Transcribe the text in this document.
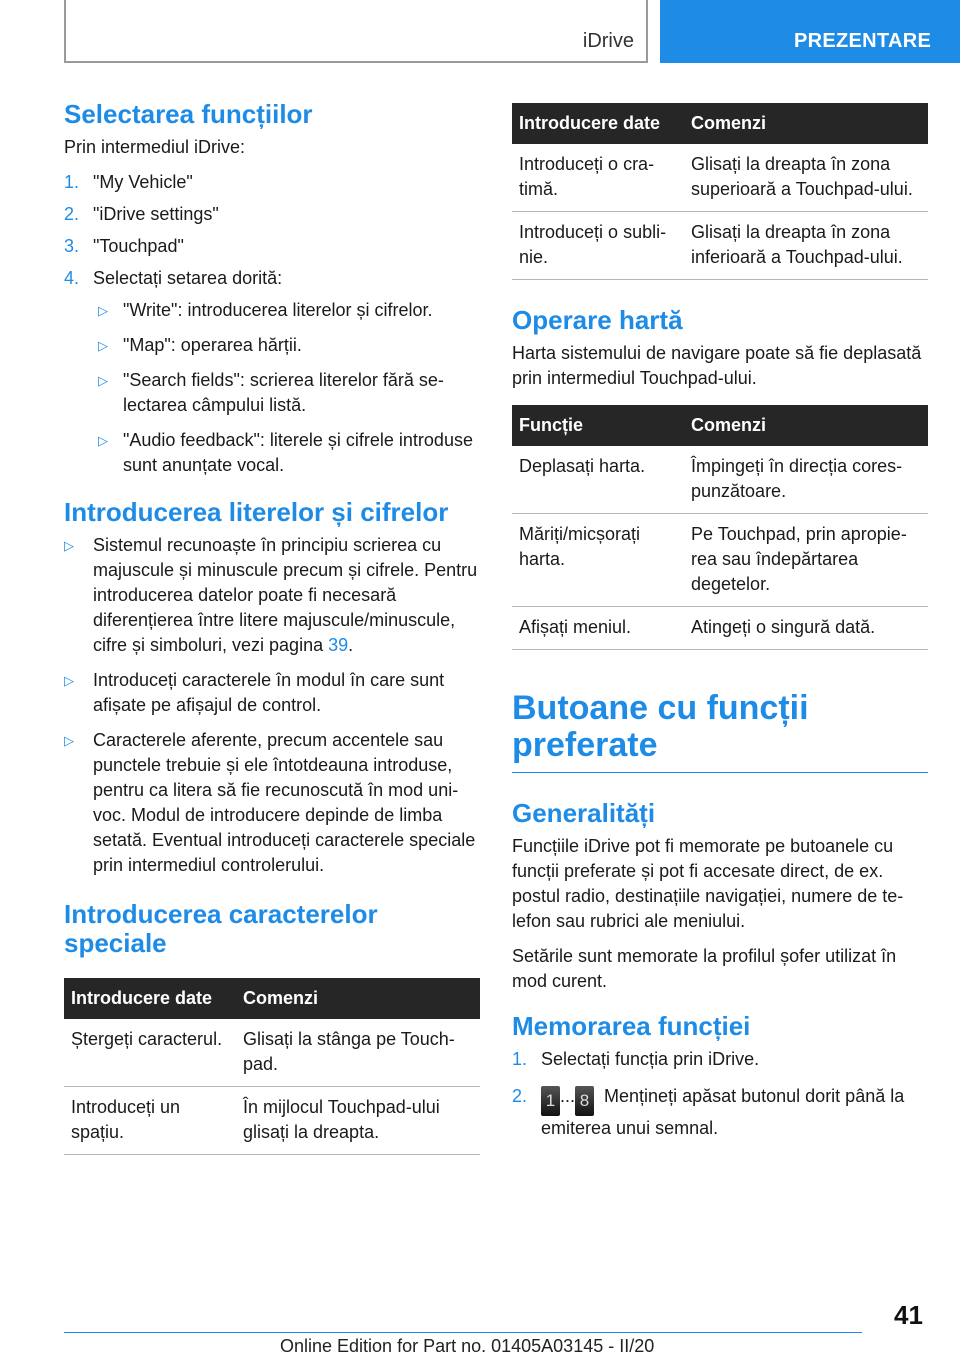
iDrive	PREZENTARE
Selectarea funcțiilor

Prin intermediul iDrive:

1. "My Vehicle"
2. "iDrive settings"
3. "Touchpad"
4. Selectați setarea dorită:
▷ "Write": introducerea literelor și cifrelor.
▷ "Map": operarea hărții.
▷ "Search fields": scrierea literelor fără selectarea câmpului listă.
▷ "Audio feedback": literele și cifrele introduse sunt anunțate vocal.
Introducerea literelor și cifrelor
▷ Sistemul recunoaște în principiu scrierea cu majuscule și minuscule precum și cifrele. Pentru introducerea datelor poate fi necesară diferențierea între litere majuscule/minuscule, cifre și simboluri, vezi pagina 39.
▷ Introduceți caracterele în modul în care sunt afișate pe afișajul de control.
▷ Caracterele aferente, precum accentele sau punctele trebuie și ele întotdeauna introduse, pentru ca litera să fie recunoscută în mod univoc. Modul de introducere depinde de limba setată. Eventual introduceți caracterele speciale prin intermediul controlerului.
Introducerea caracterelor speciale
Introducere date	Comenzi
Ștergeți caracterul.	Glisați la stânga pe Touchpad.
Introduceți un spațiu.	În mijlocul Touchpad-ului glisați la dreapta.
Introducere date	Comenzi
Introduceți o cratimă.	Glisați la dreapta în zona superioară a Touchpad-ului.
Introduceți o sublinie.	Glisați la dreapta în zona inferioară a Touchpad-ului.
Operare hartă

Harta sistemului de navigare poate să fie deplasată prin intermediul Touchpad-ului.

Funcție	Comenzi
Deplasați harta.	Împingeți în direcția corespunzătoare.
Măriți/micșorați harta.	Pe Touchpad, prin apropierea sau îndepărtarea degetelor.
Afișați meniul.	Atingeți o singură dată.
Butoane cu funcții preferate
Generalități

Funcțiile iDrive pot fi memorate pe butoanele cu funcții preferate și pot fi accesate direct, de ex. postul radio, destinațiile navigației, numere de telefon sau rubrici ale meniului.

Setările sunt memorate la profilul șofer utilizat în mod curent.

Memorarea funcției
1. Selectați funcția prin iDrive.
2. 1 ... 8 Mențineți apăsat butonul dorit până la emiterea unui semnal.
41
Online Edition for Part no. 01405A03145 - II/20
